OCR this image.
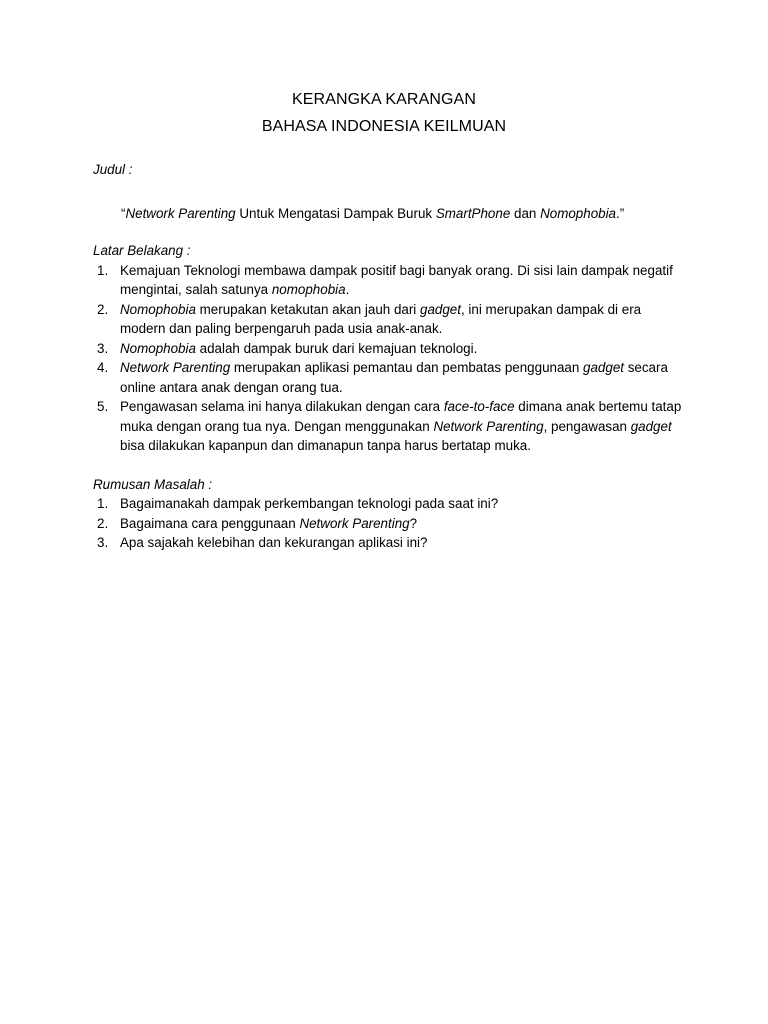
KERANGKA KARANGAN

BAHASA INDONESIA KEILMUAN

Judul :

“Network Parenting Untuk Mengatasi Dampak Buruk SmartPhone dan Nomophobia.”

Latar Belakang :

1. Kemajuan Teknologi membawa dampak positif bagi banyak orang. Di sisi lain dampak negatif mengintai, salah satunya nomophobia.
2. Nomophobia merupakan ketakutan akan jauh dari gadget, ini merupakan dampak di era modern dan paling berpengaruh pada usia anak-anak.
3. Nomophobia adalah dampak buruk dari kemajuan teknologi.
4. Network Parenting merupakan aplikasi pemantau dan pembatas penggunaan gadget secara online antara anak dengan orang tua.
5. Pengawasan selama ini hanya dilakukan dengan cara face-to-face dimana anak bertemu tatap muka dengan orang tua nya. Dengan menggunakan Network Parenting, pengawasan gadget bisa dilakukan kapanpun dan dimanapun tanpa harus bertatap muka.

Rumusan Masalah :

1. Bagaimanakah dampak perkembangan teknologi pada saat ini?
2. Bagaimana cara penggunaan Network Parenting?
3. Apa sajakah kelebihan dan kekurangan aplikasi ini?
